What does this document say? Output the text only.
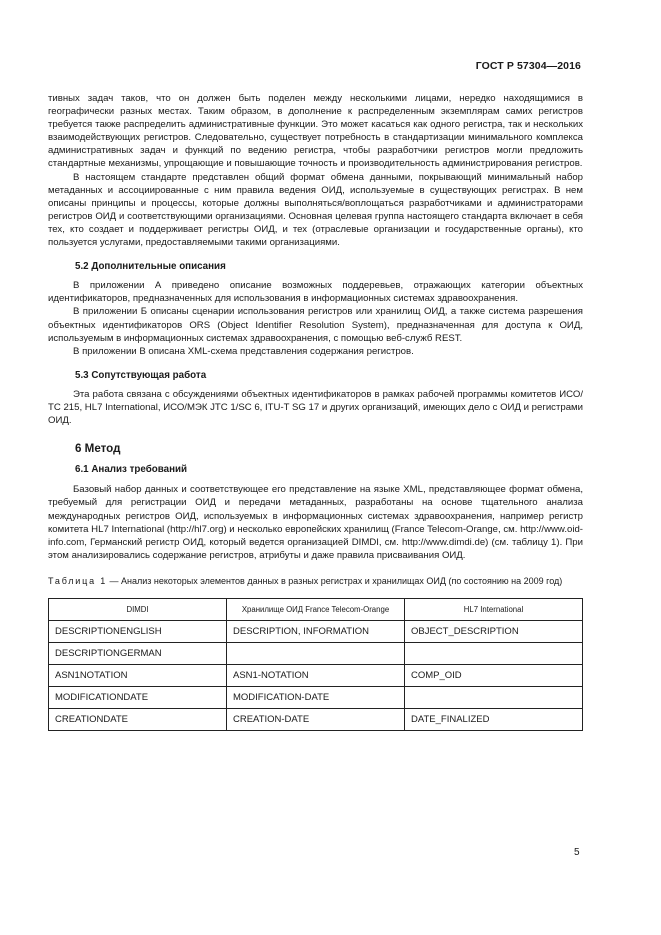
ГОСТ Р 57304—2016

тивных задач таков, что он должен быть поделен между несколькими лицами, нередко находящимися в географически разных местах. Таким образом, в дополнение к распределенным экземплярам самих регистров требуется также распределить административные функции. Это может касаться как одного регистра, так и нескольких взаимодействующих регистров. Следовательно, существует потребность в стандартизации минимального комплекса административных задач и функций по ведению регистра, чтобы разработчики регистров могли предложить стандартные механизмы, упрощающие и повышающие точность и производительность администрирования регистров.

В настоящем стандарте представлен общий формат обмена данными, покрывающий минимальный набор метаданных и ассоциированные с ним правила ведения ОИД, используемые в существующих регистрах. В нем описаны принципы и процессы, которые должны выполняться/воплощаться разработчиками и администраторами регистров ОИД и соответствующими организациями. Основная целевая группа настоящего стандарта включает в себя тех, кто создает и поддерживает регистры ОИД, и тех (отраслевые организации и государственные органы), кто пользуется услугами, предоставляемыми такими организациями.

5.2 Дополнительные описания

В приложении А приведено описание возможных поддеревьев, отражающих категории объектных идентификаторов, предназначенных для использования в информационных системах здравоохранения.

В приложении Б описаны сценарии использования регистров или хранилищ ОИД, а также система разрешения объектных идентификаторов ORS (Object Identifier Resolution System), предназначенная для доступа к ОИД, используемым в информационных системах здравоохранения, с помощью веб-служб REST.

В приложении В описана XML-схема представления содержания регистров.

5.3 Сопутствующая работа

Эта работа связана с обсуждениями объектных идентификаторов в рамках рабочей программы комитетов ИСО/ТС 215, HL7 International, ИСО/МЭК JTC 1/SC 6, ITU-T SG 17 и других организаций, имеющих дело с ОИД и регистрами ОИД.

6 Метод

6.1 Анализ требований

Базовый набор данных и соответствующее его представление на языке XML, представляющее формат обмена, требуемый для регистрации ОИД и передачи метаданных, разработаны на основе тщательного анализа международных регистров ОИД, используемых в информационных системах здравоохранения, например регистр комитета HL7 International (http://hl7.org) и несколько европейских хранилищ (France Telecom-Orange, см. http://www.oid-info.com, Германский регистр ОИД, который ведется организацией DIMDI, см. http://www.dimdi.de) (см. таблицу 1). При этом анализировались содержание регистров, атрибуты и даже правила присваивания ОИД.

Таблица 1 — Анализ некоторых элементов данных в разных регистрах и хранилищах ОИД (по состоянию на 2009 год)

DIMDI	Хранилище ОИД France Telecom-Orange	HL7 International
DESCRIPTIONENGLISH	DESCRIPTION, INFORMATION	OBJECT_DESCRIPTION
DESCRIPTIONGERMAN		
ASN1NOTATION	ASN1-NOTATION	COMP_OID
MODIFICATIONDATE	MODIFICATION-DATE	
CREATIONDATE	CREATION-DATE	DATE_FINALIZED
5
